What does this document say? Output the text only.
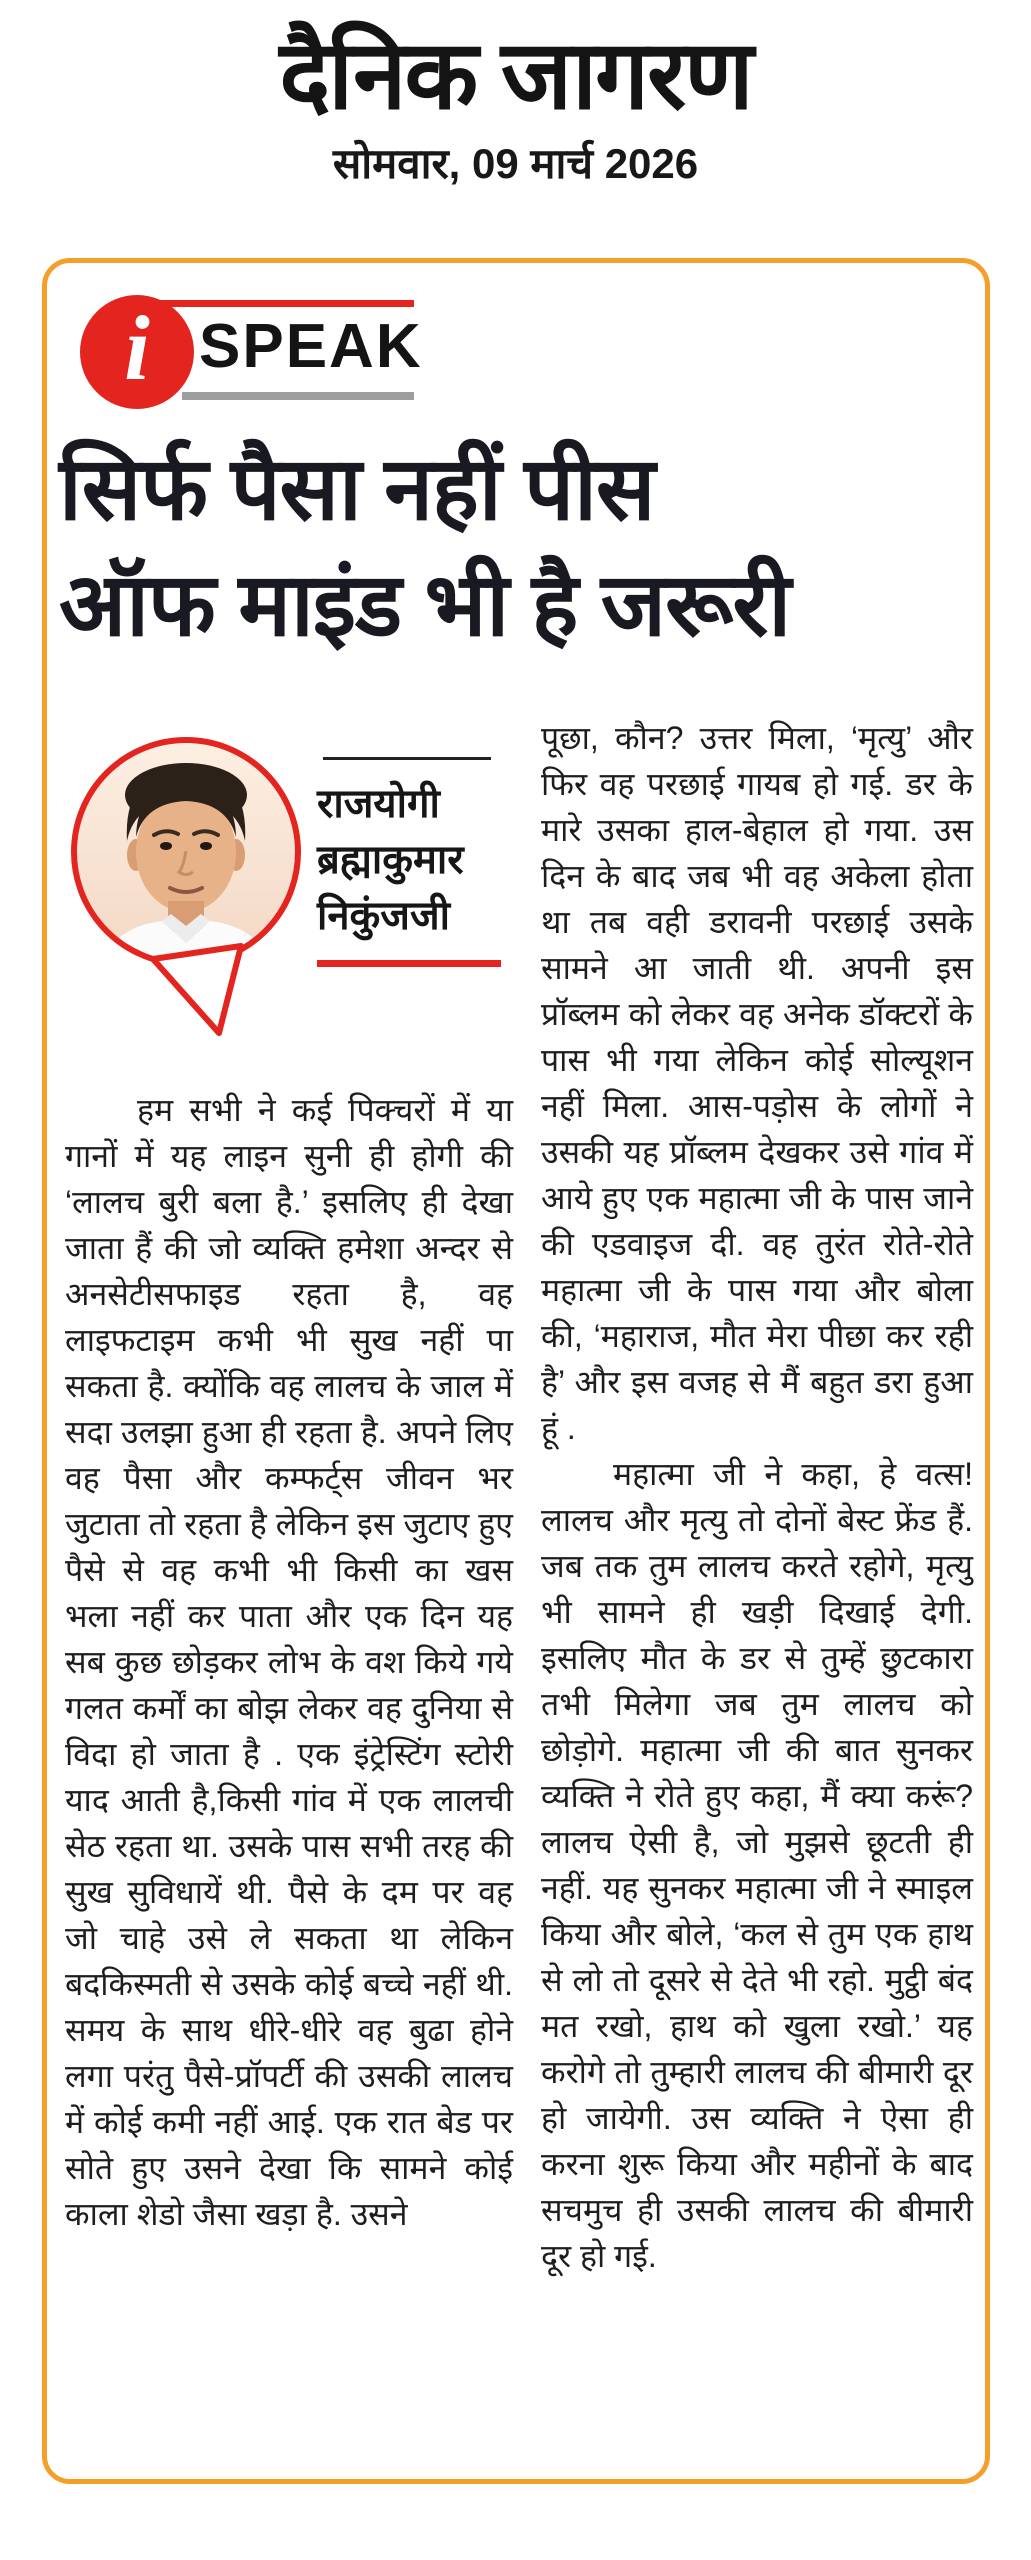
दैनिक जागरण
सोमवार, 09 मार्च 2026
i SPEAK
सिर्फ पैसा नहीं पीस
ऑफ माइंड भी है जरूरी
राजयोगी
ब्रह्माकुमार
निकुंजजी

हम सभी ने कई पिक्चरों में या गानों में यह लाइन सुनी ही होगी की ‘लालच बुरी बला है.’ इसलिए ही देखा जाता हैं की जो व्यक्ति हमेशा अन्दर से अनसेटीसफाइड रहता है, वह लाइफटाइम कभी भी सुख नहीं पा सकता है. क्योंकि वह लालच के जाल में सदा उलझा हुआ ही रहता है. अपने लिए वह पैसा और कम्फर्ट्स जीवन भर जुटाता तो रहता है लेकिन इस जुटाए हुए पैसे से वह कभी भी किसी का खस भला नहीं कर पाता और एक दिन यह सब कुछ छोड़कर लोभ के वश किये गये गलत कर्मों का बोझ लेकर वह दुनिया से विदा हो जाता है . एक इंट्रेस्टिंग स्टोरी याद आती है,किसी गांव में एक लालची सेठ रहता था. उसके पास सभी तरह की सुख सुविधायें थी. पैसे के दम पर वह जो चाहे उसे ले सकता था लेकिन बदकिस्मती से उसके कोई बच्चे नहीं थी. समय के साथ धीरे-धीरे वह बुढा होने लगा परंतु पैसे-प्रॉपर्टी की उसकी लालच में कोई कमी नहीं आई. एक रात बेड पर सोते हुए उसने देखा कि सामने कोई काला शेडो जैसा खड़ा है. उसने

पूछा, कौन? उत्तर मिला, ‘मृत्यु’ और फिर वह परछाई गायब हो गई. डर के मारे उसका हाल-बेहाल हो गया. उस दिन के बाद जब भी वह अकेला होता था तब वही डरावनी परछाई उसके सामने आ जाती थी. अपनी इस प्रॉब्लम को लेकर वह अनेक डॉक्टरों के पास भी गया लेकिन कोई सोल्यूशन नहीं मिला. आस-पड़ोस के लोगों ने उसकी यह प्रॉब्लम देखकर उसे गांव में आये हुए एक महात्मा जी के पास जाने की एडवाइज दी. वह तुरंत रोते-रोते महात्मा जी के पास गया और बोला की, ‘महाराज, मौत मेरा पीछा कर रही है’ और इस वजह से मैं बहुत डरा हुआ हूं .

महात्मा जी ने कहा, हे वत्स! लालच और मृत्यु तो दोनों बेस्ट फ्रेंड हैं. जब तक तुम लालच करते रहोगे, मृत्यु भी सामने ही खड़ी दिखाई देगी. इसलिए मौत के डर से तुम्हें छुटकारा तभी मिलेगा जब तुम लालच को छोड़ोगे. महात्मा जी की बात सुनकर व्यक्ति ने रोते हुए कहा, मैं क्या करूं? लालच ऐसी है, जो मुझसे छूटती ही नहीं. यह सुनकर महात्मा जी ने स्माइल किया और बोले, ‘कल से तुम एक हाथ से लो तो दूसरे से देते भी रहो. मुट्ठी बंद मत रखो, हाथ को खुला रखो.’ यह करोगे तो तुम्हारी लालच की बीमारी दूर हो जायेगी. उस व्यक्ति ने ऐसा ही करना शुरू किया और महीनों के बाद सचमुच ही उसकी लालच की बीमारी दूर हो गई.
